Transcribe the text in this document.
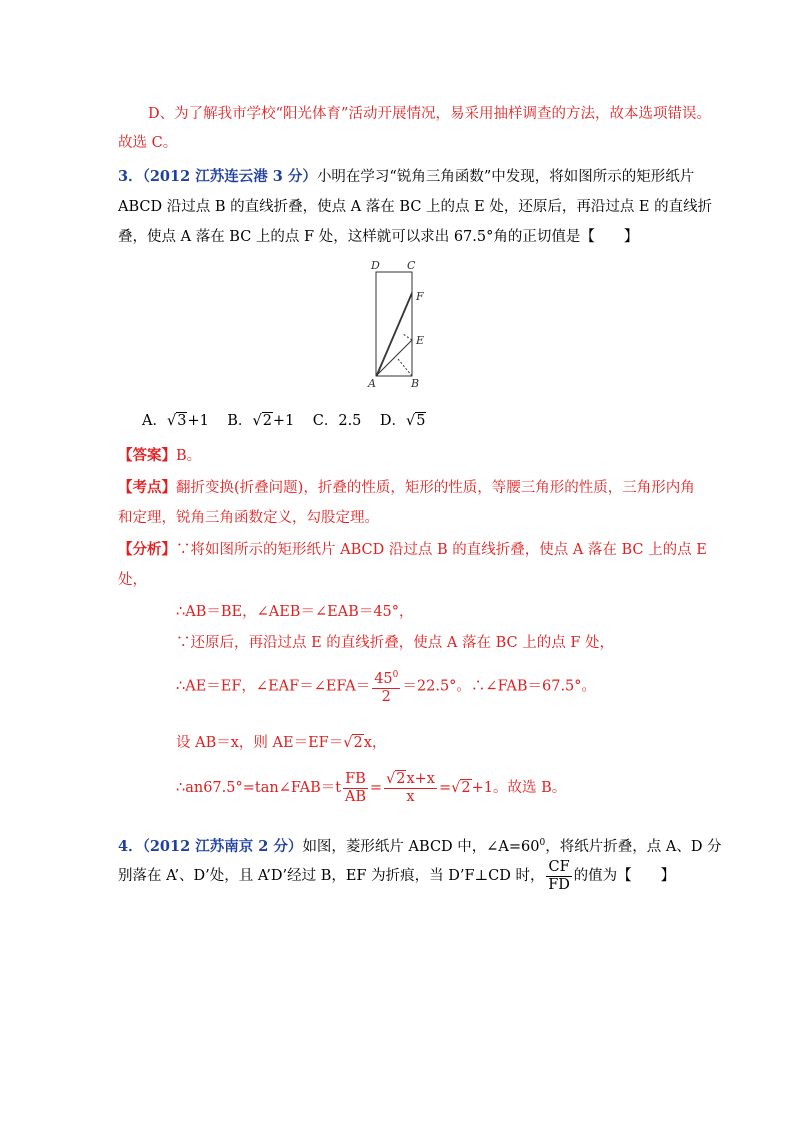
D、为了解我市学校“阳光体育”活动开展情况，易采用抽样调查的方法，故本选项错误。
故选 C。
3．（2012 江苏连云港 3 分）小明在学习“锐角三角函数”中发现，将如图所示的矩形纸片
ABCD 沿过点 B 的直线折叠，使点 A 落在 BC 上的点 E 处，还原后，再沿过点 E 的直线折
叠，使点 A 落在 BC 上的点 F 处，这样就可以求出 67.5°角的正切值是【　　】
D C
F
E
A	B
A．√3+1 B．√2+1 C．2.5 D．√5
【答案】B。
【考点】翻折变换(折叠问题)，折叠的性质，矩形的性质，等腰三角形的性质，三角形内角
和定理，锐角三角函数定义，勾股定理。
【分析】∵将如图所示的矩形纸片 ABCD 沿过点 B 的直线折叠，使点 A 落在 BC 上的点 E
处，
∴AB＝BE，∠AEB＝∠EAB＝45°，
∵还原后，再沿过点 E 的直线折叠，使点 A 落在 BC 上的点 F 处，
∴AE＝EF，∠EAF＝∠EFA＝ $\frac{45^0}{2} =22.5^\circ$。∴∠FAB＝67.5°。
设 AB＝x，则 AE＝EF＝√2x，
∴an67.5°=tan∠FAB＝t $\frac{FB}{AB} = \frac{√2x+x}{x} =√2+1$。故选 B。
4．（2012 江苏南京 2 分）如图，菱形纸片 ABCD 中，$\angle A=60^0$，将纸片折叠，点 A、D 分
别落在 A’、D’处，且 A’D’经过 B，EF 为折痕，当 D’F⊥CD 时， $\frac{CF}{FD}$ 的值为【　　】
